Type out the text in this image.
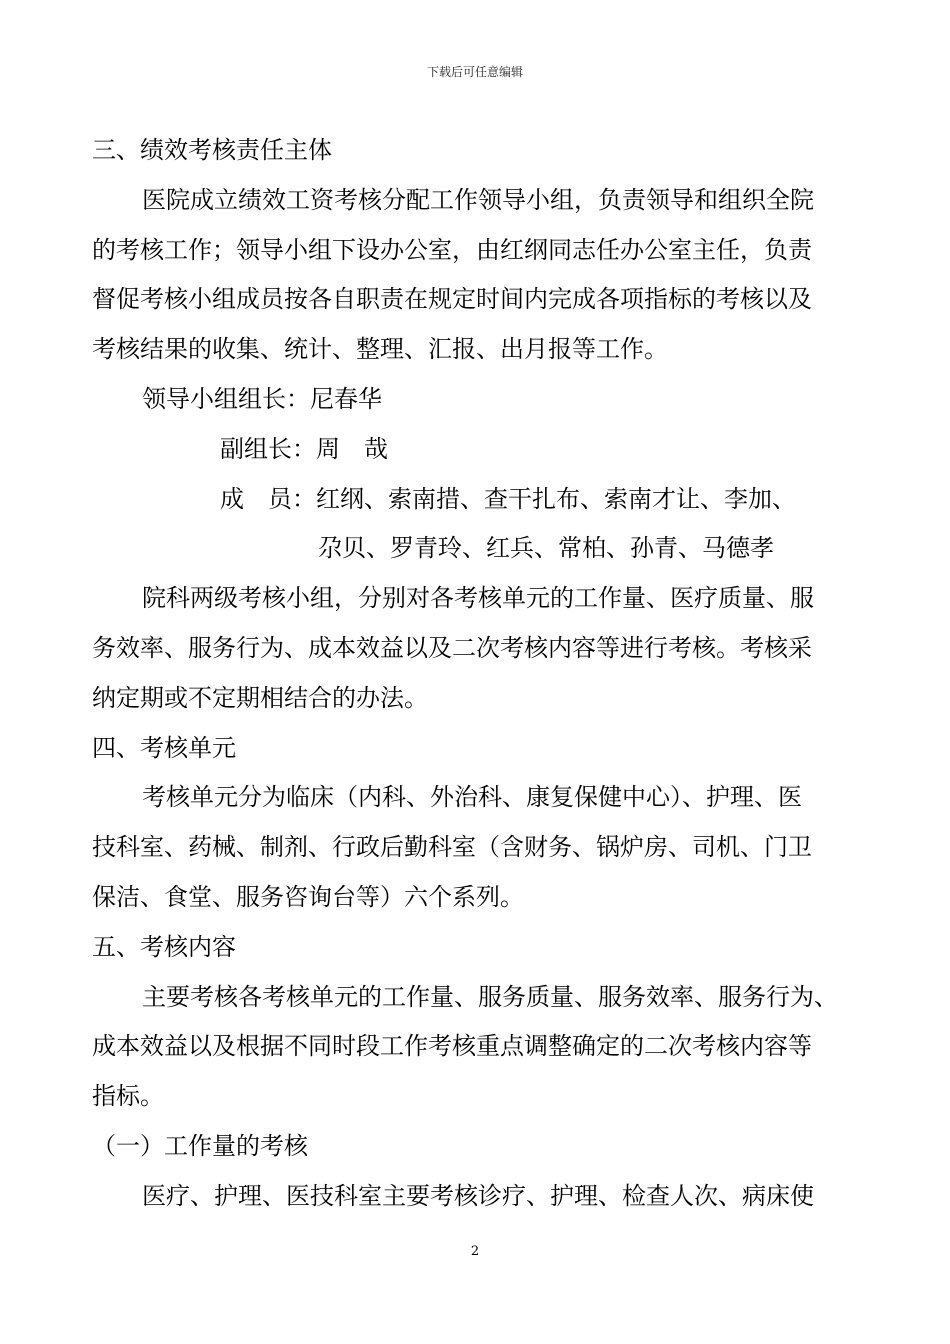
下载后可任意编辑
三、绩效考核责任主体
医院成立绩效工资考核分配工作领导小组，负责领导和组织全院
的考核工作；领导小组下设办公室，由红纲同志任办公室主任，负责
督促考核小组成员按各自职责在规定时间内完成各项指标的考核以及
考核结果的收集、统计、整理、汇报、出月报等工作。
领导小组组长：尼春华
副组长：周　哉
成　员：红纲、索南措、查干扎布、索南才让、李加、
尕贝、罗青玲、红兵、常柏、孙青、马德孝
院科两级考核小组，分别对各考核单元的工作量、医疗质量、服
务效率、服务行为、成本效益以及二次考核内容等进行考核。考核采
纳定期或不定期相结合的办法。
四、考核单元
考核单元分为临床（内科、外治科、康复保健中心）、护理、医
技科室、药械、制剂、行政后勤科室（含财务、锅炉房、司机、门卫
保洁、食堂、服务咨询台等）六个系列。
五、考核内容
主要考核各考核单元的工作量、服务质量、服务效率、服务行为、
成本效益以及根据不同时段工作考核重点调整确定的二次考核内容等
指标。
（一）工作量的考核
医疗、护理、医技科室主要考核诊疗、护理、检查人次、病床使
2
